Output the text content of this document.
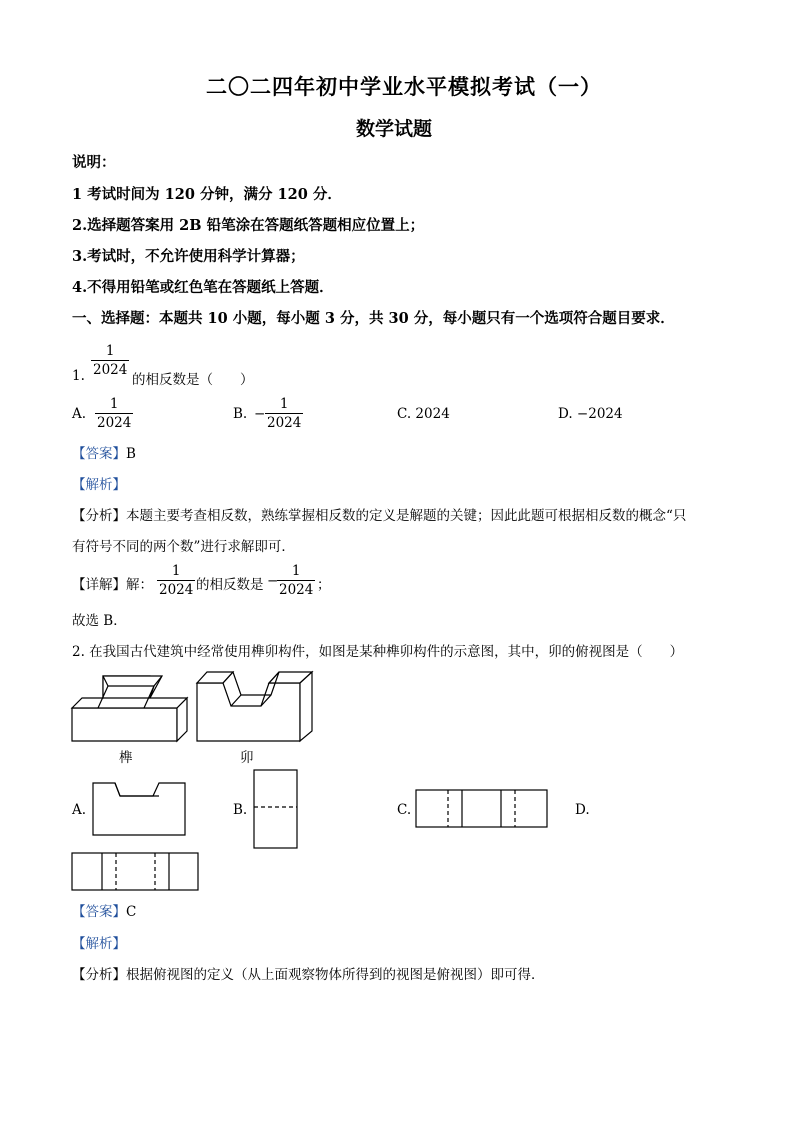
二〇二四年初中学业水平模拟考试（一）
数学试题
说明：
1 考试时间为 120 分钟，满分 120 分．
2.选择题答案用 2B 铅笔涂在答题纸答题相应位置上；
3.考试时，不允许使用科学计算器；
4.不得用铅笔或红色笔在答题纸上答题．
一、选择题：本题共 10 小题，每小题 3 分，共 30 分，每小题只有一个选项符合题目要求．
1.
1
2024
的相反数是（　　）
A.
1
2024
B. −
1
2024
C. 2024	D. −2024
【答案】B
【解析】
【分析】本题主要考查相反数，熟练掌握相反数的定义是解题的关键；因此此题可根据相反数的概念“只
有符号不同的两个数”进行求解即可．
【详解】解：
1
2024 的相反数是 −
1
2024 ；
故选 B．
2. 在我国古代建筑中经常使用榫卯构件，如图是某种榫卯构件的示意图，其中，卯的俯视图是（　　）
榫	卯
A.	B.	C.	D.
【答案】C
【解析】
【分析】根据俯视图的定义（从上面观察物体所得到的视图是俯视图）即可得．
